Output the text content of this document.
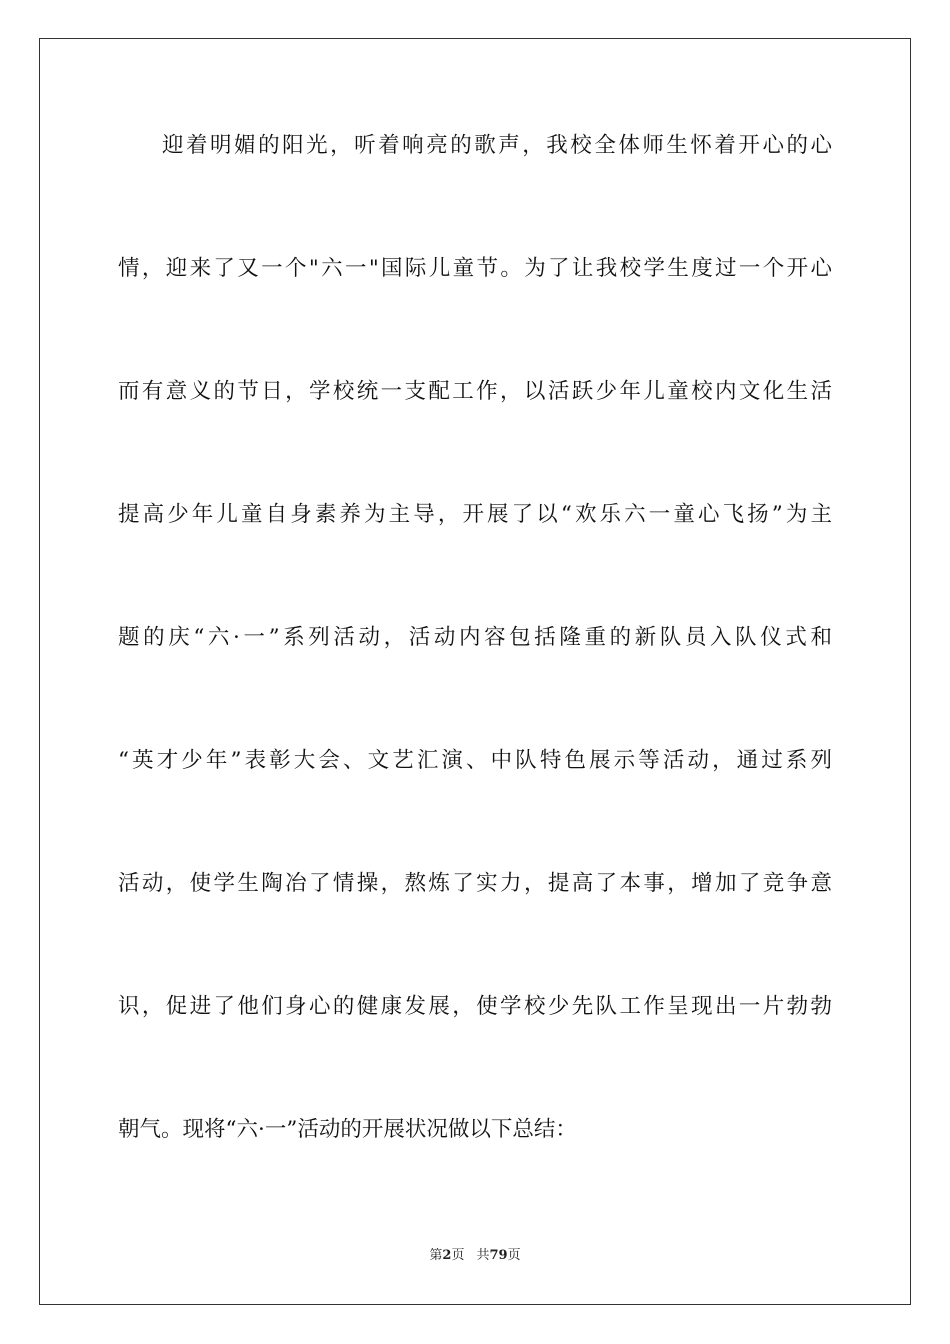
迎着明媚的阳光，听着响亮的歌声，我校全体师生怀着开心的心
情，迎来了又一个"六一"国际儿童节。为了让我校学生度过一个开心
而有意义的节日，学校统一支配工作，以活跃少年儿童校内文化生活
提高少年儿童自身素养为主导，开展了以“欢乐六一童心飞扬”为主
题的庆“六·一”系列活动，活动内容包括隆重的新队员入队仪式和
“英才少年”表彰大会、文艺汇演、中队特色展示等活动，通过系列
活动，使学生陶冶了情操，熬炼了实力，提高了本事，增加了竞争意
识，促进了他们身心的健康发展，使学校少先队工作呈现出一片勃勃
朝气。现将“六·一”活动的开展状况做以下总结：
第2页 共79页
